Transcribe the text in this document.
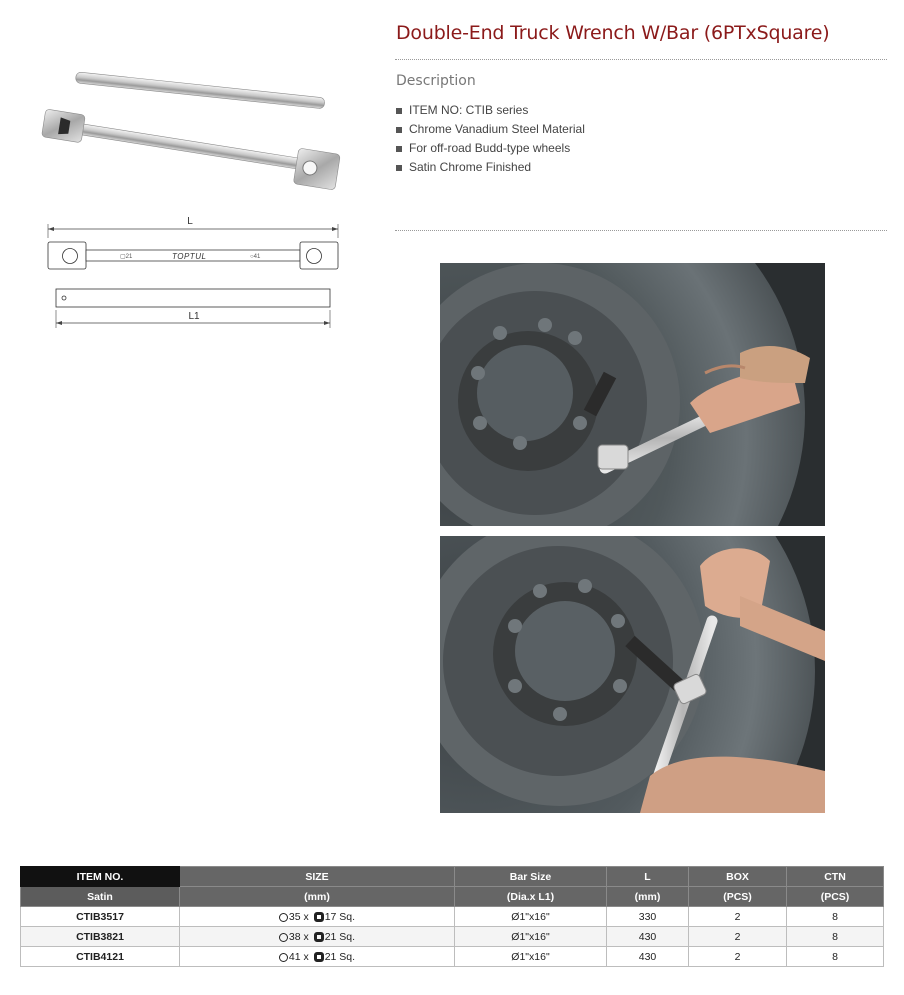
L
▢21	TOPTUL	○41
L1
Double-End Truck Wrench W/Bar (6PTxSquare)
Description
ITEM NO: CTIB series
Chrome Vanadium Steel Material
For off-road Budd-type wheels
Satin Chrome Finished
ITEM NO.	SIZE	Bar Size	L	BOX	CTN
Satin	(mm)	(Dia.x L1)	(mm)	(PCS)	(PCS)
CTIB3517	35 x 17 Sq.	Ø1"x16"	330	2	8
CTIB3821	38 x 21 Sq.	Ø1"x16"	430	2	8
CTIB4121	41 x 21 Sq.	Ø1"x16"	430	2	8
